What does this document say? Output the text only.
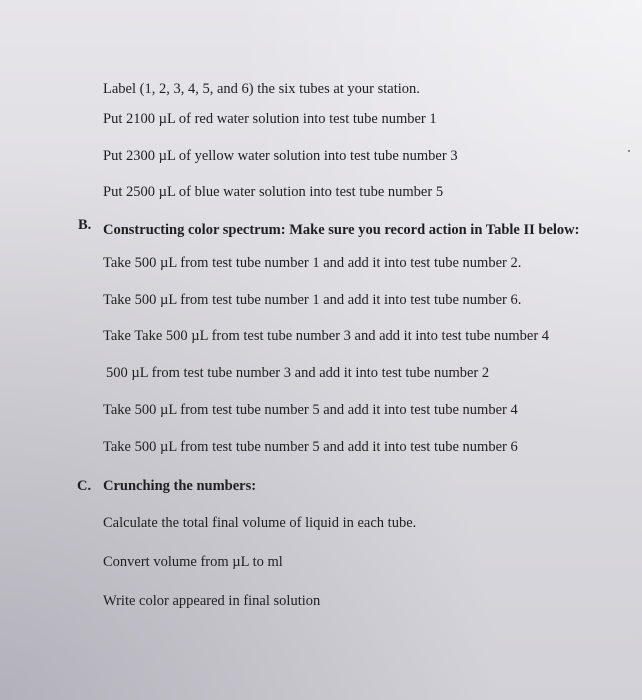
Label (1, 2, 3, 4, 5, and 6) the six tubes at your station.
Put 2100 µL of red water solution into test tube number 1
Put 2300 µL of yellow water solution into test tube number 3
Put 2500 µL of blue water solution into test tube number 5
B. Constructing color spectrum: Make sure you record action in Table II below:
Take 500 µL from test tube number 1 and add it into test tube number 2.
Take 500 µL from test tube number 1 and add it into test tube number 6.
Take Take 500 µL from test tube number 3 and add it into test tube number 4
500 µL from test tube number 3 and add it into test tube number 2
Take 500 µL from test tube number 5 and add it into test tube number 4
Take 500 µL from test tube number 5 and add it into test tube number 6
C. Crunching the numbers:
Calculate the total final volume of liquid in each tube.
Convert volume from µL to ml
Write color appeared in final solution
